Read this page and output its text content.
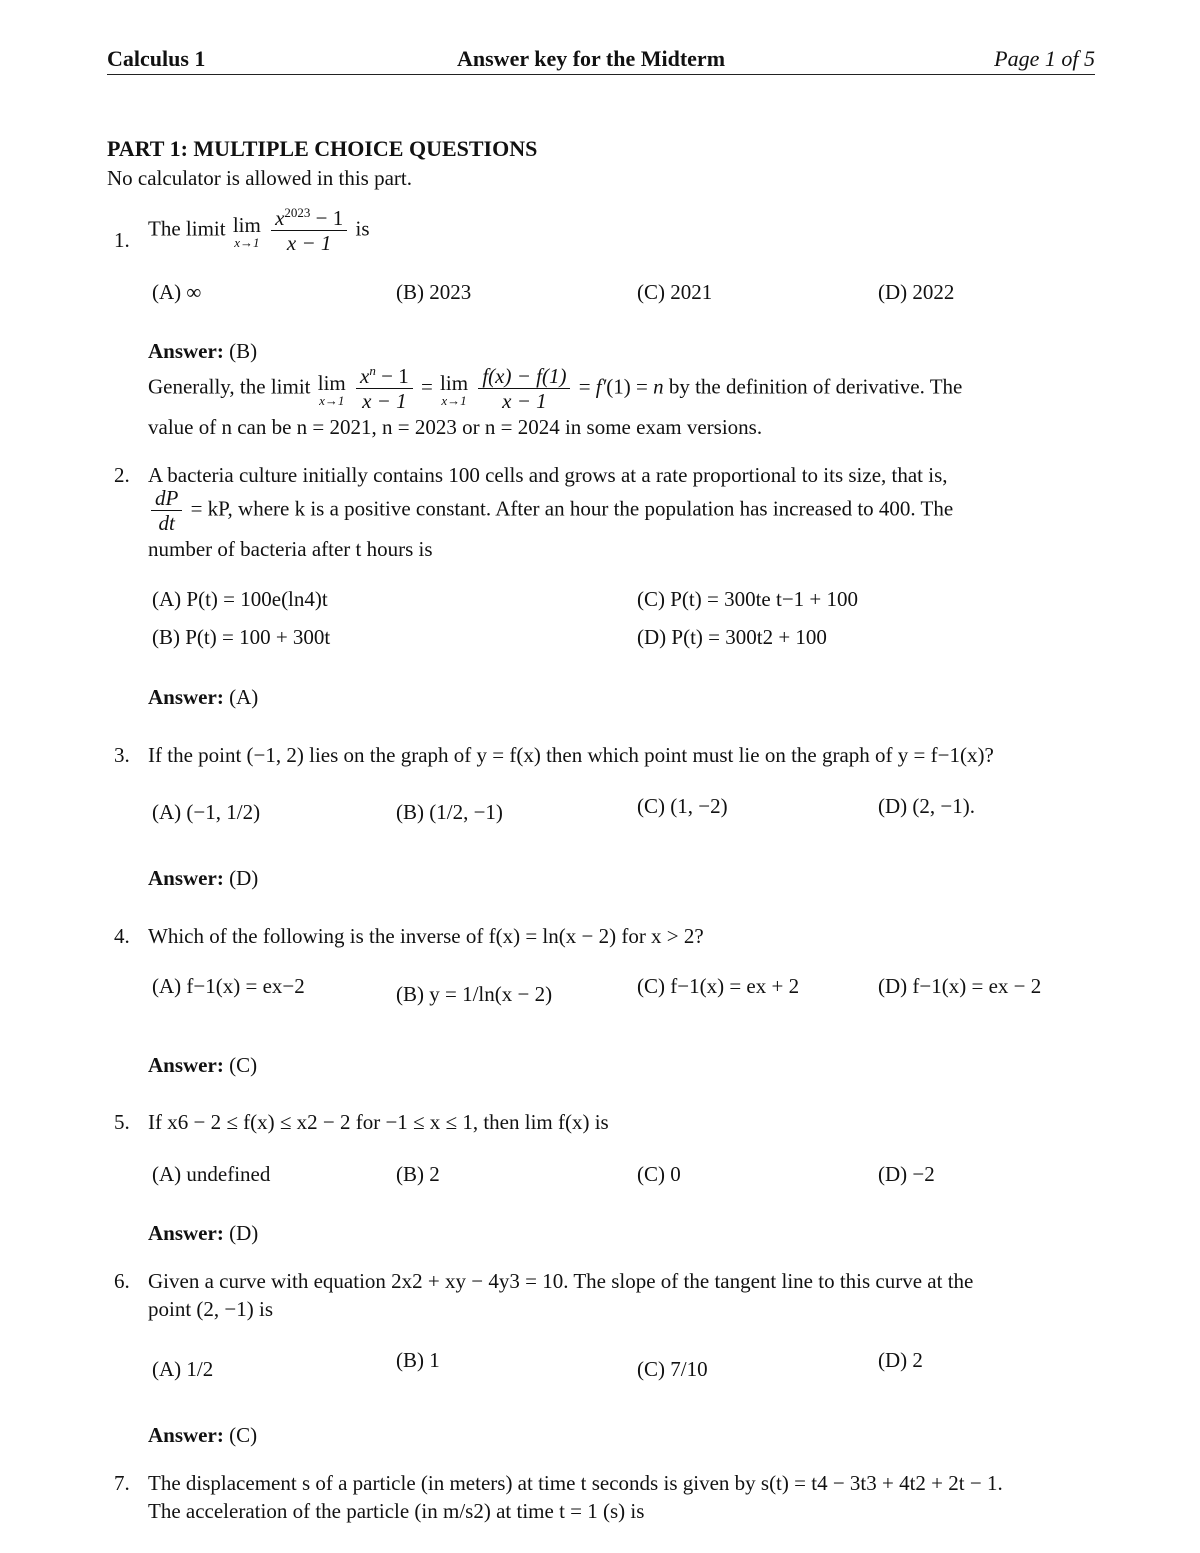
Calculus 1	Answer key for the Midterm	Page 1 of 5
PART 1: MULTIPLE CHOICE QUESTIONS
No calculator is allowed in this part.
1. The limit lim
x→1
$\frac{x^{2023} - 1}{x - 1}$ is
(A) ∞	(B) 2023	(C) 2021	(D) 2022
Answer: (B)
Generally, the limit lim
x→1
$\frac{x^n - 1}{x - 1} = \lim$
x→1
$\frac{f(x) - f(1)}{x - 1} = f'(1) = n$ by the definition of derivative. The
value of n can be n = 2021, n = 2023 or n = 2024 in some exam versions.
2. A bacteria culture initially contains 100 cells and grows at a rate proportional to its size, that is,
$\frac{dP}{dt}$ = kP, where k is a positive constant. After an hour the population has increased to 400. The
number of bacteria after t hours is
(A) P(t) = 100e(ln4)t	(C) P(t) = 300te t−1 + 100
(B) P(t) = 100 + 300t	(D) P(t) = 300t2 + 100
Answer: (A)
3. If the point (−1, 2) lies on the graph of y = f(x) then which point must lie on the graph of y = f−1(x)?
(A) (−1, 1/2)	(B) (1/2, −1)	(C) (1, −2)	(D) (2, −1).
Answer: (D)
4. Which of the following is the inverse of f(x) = ln(x − 2) for x > 2?
(A) f−1(x) = ex−2	(B) y = 1/ln(x − 2)	(C) f−1(x) = ex + 2	(D) f−1(x) = ex − 2
Answer: (C)
5. If x6 − 2 ≤ f(x) ≤ x2 − 2 for −1 ≤ x ≤ 1, then lim f(x) is
(A) undefined	(B) 2	(C) 0	(D) −2
Answer: (D)
6. Given a curve with equation 2x2 + xy − 4y3 = 10. The slope of the tangent line to this curve at the
point (2, −1) is
(A) 1/2	(B) 1	(C) 7/10	(D) 2
Answer: (C)
7. The displacement s of a particle (in meters) at time t seconds is given by s(t) = t4 − 3t3 + 4t2 + 2t − 1.
The acceleration of the particle (in m/s2) at time t = 1 (s) is
